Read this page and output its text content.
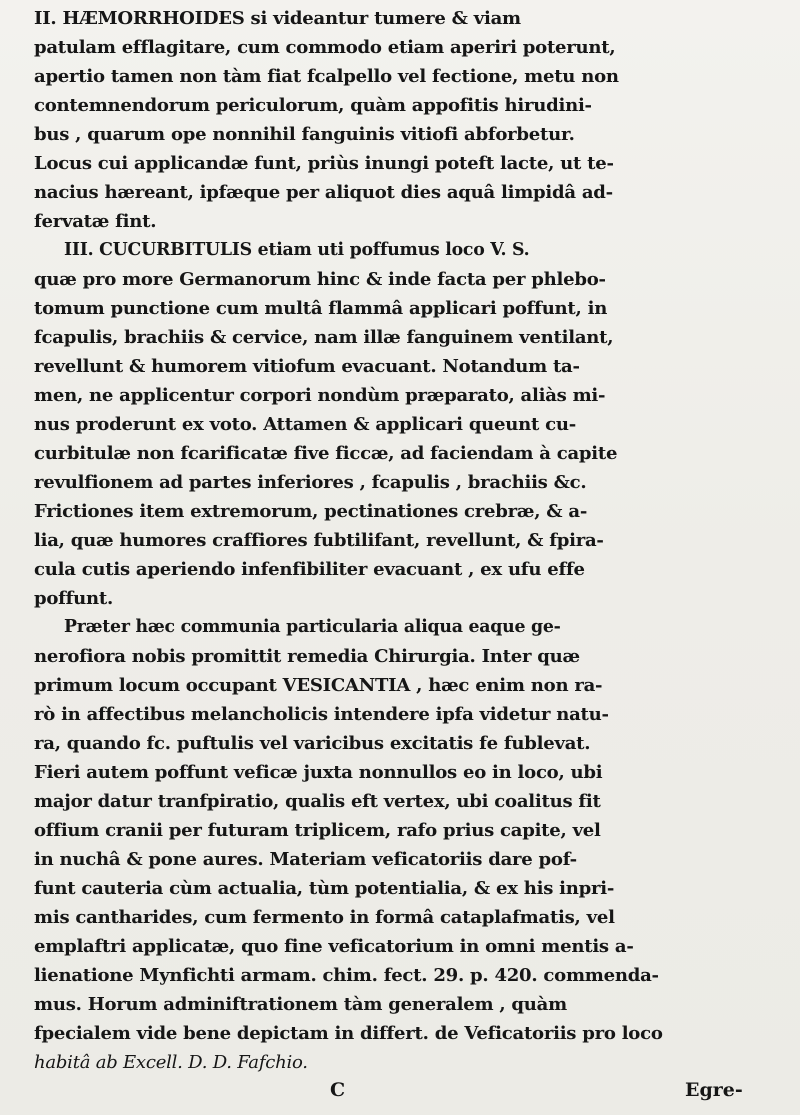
II. HÆMORRHOIDES si videantur tumere & viam
patulam efflagitare, cum commodo etiam aperiri poterunt,
apertio tamen non tàm fiat fcalpello vel fectione, metu non
contemnendorum periculorum, quàm appofitis hirudini-
bus , quarum ope nonnihil fanguinis vitiofi abforbetur.
Locus cui applicandæ funt, priùs inungi poteft lacte, ut te-
nacius hæreant, ipfæque per aliquot dies aquâ limpidâ ad-
fervatæ fint.
III. CUCURBITULIS etiam uti poffumus loco V. S.
quæ pro more Germanorum hinc & inde facta per phlebo-
tomum punctione cum multâ flammâ applicari poffunt, in
fcapulis, brachiis & cervice, nam illæ fanguinem ventilant,
revellunt & humorem vitiofum evacuant. Notandum ta-
men, ne applicentur corpori nondùm præparato, aliàs mi-
nus proderunt ex voto. Attamen & applicari queunt cu-
curbitulæ non fcarificatæ five ficcæ, ad faciendam à capite
revulfionem ad partes inferiores , fcapulis , brachiis &c.
Frictiones item extremorum, pectinationes crebræ, & a-
lia, quæ humores craffiores fubtilifant, revellunt, & fpira-
cula cutis aperiendo infenfibiliter evacuant , ex ufu effe
poffunt.
Præter hæc communia particularia aliqua eaque ge-
nerofiora nobis promittit remedia Chirurgia. Inter quæ
primum locum occupant VESICANTIA , hæc enim non ra-
rò in affectibus melancholicis intendere ipfa videtur natu-
ra, quando fc. puftulis vel varicibus excitatis fe fublevat.
Fieri autem poffunt veficæ juxta nonnullos eo in loco, ubi
major datur tranfpiratio, qualis eft vertex, ubi coalitus fit
offium cranii per futuram triplicem, rafo prius capite, vel
in nuchâ & pone aures. Materiam veficatoriis dare pof-
funt cauteria cùm actualia, tùm potentialia, & ex his inpri-
mis cantharides, cum fermento in formâ cataplafmatis, vel
emplaftri applicatæ, quo fine veficatorium in omni mentis a-
lienatione Mynfichti armam. chim. fect. 29. p. 420. commenda-
mus. Horum adminiftrationem tàm generalem , quàm
fpecialem vide bene depictam in differt. de Veficatoriis pro loco
habitâ ab Excell. D. D. Fafchio.
C	Egre-
